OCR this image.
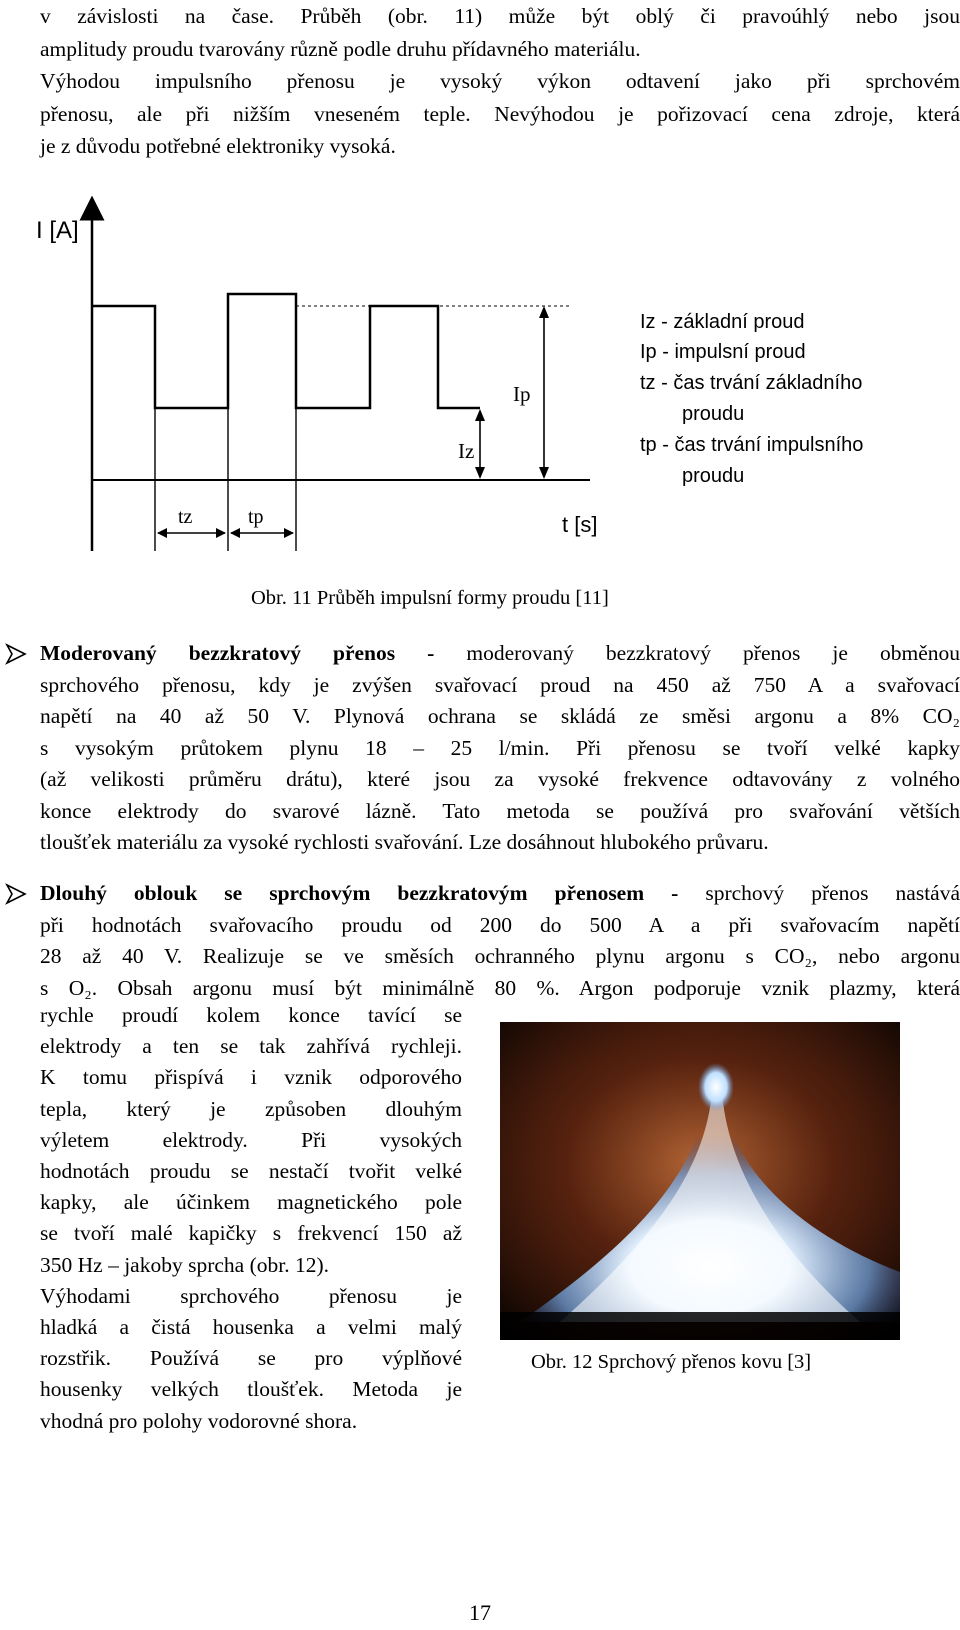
v závislosti na čase. Průběh (obr. 11) může být oblý či pravoúhlý nebo jsou
amplitudy proudu tvarovány různě podle druhu přídavného materiálu.
Výhodou impulsního přenosu je vysoký výkon odtavení jako při sprchovém
přenosu, ale při nižším vneseném teple. Nevýhodou je pořizovací cena zdroje, která
je z důvodu potřebné elektroniky vysoká.
I [A]
t [s]
Ip
Iz
tz	tp
Iz - základní proud
Ip - impulsní proud
tz - čas trvání základního
proudu
tp - čas trvání impulsního
proudu
Obr. 11 Průběh impulsní formy proudu [11]
Moderovaný bezzkratový přenos - moderovaný bezzkratový přenos je obměnou
sprchového přenosu, kdy je zvýšen svařovací proud na 450 až 750 A a svařovací
napětí na 40 až 50 V. Plynová ochrana se skládá ze směsi argonu a 8% CO₂
s vysokým průtokem plynu 18 – 25 l/min. Při přenosu se tvoří velké kapky
(až velikosti průměru drátu), které jsou za vysoké frekvence odtavovány z volného
konce elektrody do svarové lázně. Tato metoda se používá pro svařování větších
tloušťek materiálu za vysoké rychlosti svařování. Lze dosáhnout hlubokého průvaru.
Dlouhý oblouk se sprchovým bezzkratovým přenosem - sprchový přenos nastává
při hodnotách svařovacího proudu od 200 do 500 A a při svařovacím napětí
28 až 40 V. Realizuje se ve směsích ochranného plynu argonu s CO₂, nebo argonu
s O₂. Obsah argonu musí být minimálně 80 %. Argon podporuje vznik plazmy, která
rychle proudí kolem konce tavící se
elektrody a ten se tak zahřívá rychleji.
K tomu přispívá i vznik odporového
tepla, který je způsoben dlouhým
výletem elektrody. Při vysokých
hodnotách proudu se nestačí tvořit velké
kapky, ale účinkem magnetického pole
se tvoří malé kapičky s frekvencí 150 až
350 Hz – jakoby sprcha (obr. 12).
Výhodami sprchového přenosu je
hladká a čistá housenka a velmi malý
rozstřik. Používá se pro výplňové
housenky velkých tloušťek. Metoda je
vhodná pro polohy vodorovné shora.
Obr. 12 Sprchový přenos kovu [3]
17
